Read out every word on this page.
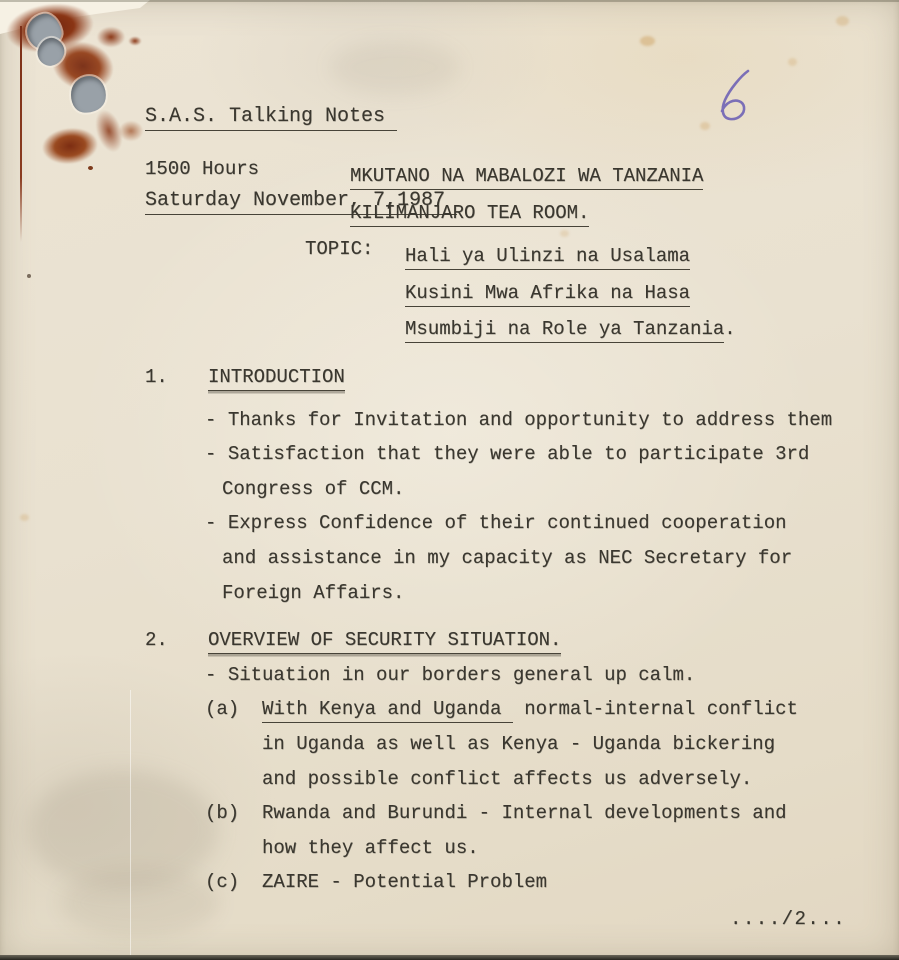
S.A.S. Talking Notes

Saturday November, 7,1987

1500 Hours	MKUTANO NA MABALOZI WA TANZANIA
KILIMANJARO TEA ROOM.
TOPIC:	Hali ya Ulinzi na Usalama
Kusini Mwa Afrika na Hasa
Msumbiji na Role ya Tanzania.
1.	INTRODUCTION
- Thanks for Invitation and opportunity to address them
- Satisfaction that they were able to participate 3rd
Congress of CCM.
- Express Confidence of their continued cooperation
and assistance in my capacity as NEC Secretary for
Foreign Affairs.
2.	OVERVIEW OF SECURITY SITUATION.
- Situation in our borders general up calm.
(a)  With Kenya and Uganda  normal-internal conflict
in Uganda as well as Kenya - Uganda bickering
and possible conflict affects us adversely.
(b)  Rwanda and Burundi - Internal developments and
how they affect us.
(c)  ZAIRE - Potential Problem
..../2...
